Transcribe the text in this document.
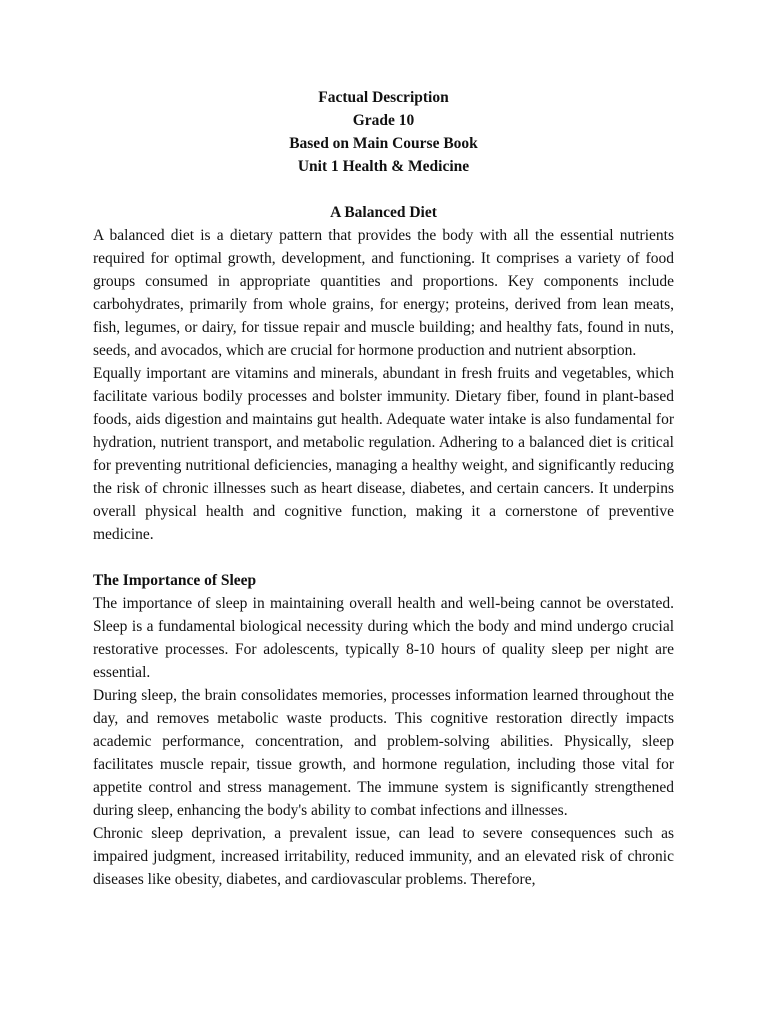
Factual Description
Grade 10
Based on Main Course Book
Unit 1 Health & Medicine
A Balanced Diet

A balanced diet is a dietary pattern that provides the body with all the essential nutrients required for optimal growth, development, and functioning. It comprises a variety of food groups consumed in appropriate quantities and proportions. Key components include carbohydrates, primarily from whole grains, for energy; proteins, derived from lean meats, fish, legumes, or dairy, for tissue repair and muscle building; and healthy fats, found in nuts, seeds, and avocados, which are crucial for hormone production and nutrient absorption.

Equally important are vitamins and minerals, abundant in fresh fruits and vegetables, which facilitate various bodily processes and bolster immunity. Dietary fiber, found in plant-based foods, aids digestion and maintains gut health. Adequate water intake is also fundamental for hydration, nutrient transport, and metabolic regulation. Adhering to a balanced diet is critical for preventing nutritional deficiencies, managing a healthy weight, and significantly reducing the risk of chronic illnesses such as heart disease, diabetes, and certain cancers. It underpins overall physical health and cognitive function, making it a cornerstone of preventive medicine.

The Importance of Sleep

The importance of sleep in maintaining overall health and well-being cannot be overstated. Sleep is a fundamental biological necessity during which the body and mind undergo crucial restorative processes. For adolescents, typically 8-10 hours of quality sleep per night are essential.

During sleep, the brain consolidates memories, processes information learned throughout the day, and removes metabolic waste products. This cognitive restoration directly impacts academic performance, concentration, and problem-solving abilities. Physically, sleep facilitates muscle repair, tissue growth, and hormone regulation, including those vital for appetite control and stress management. The immune system is significantly strengthened during sleep, enhancing the body's ability to combat infections and illnesses.

Chronic sleep deprivation, a prevalent issue, can lead to severe consequences such as impaired judgment, increased irritability, reduced immunity, and an elevated risk of chronic diseases like obesity, diabetes, and cardiovascular problems. Therefore,
